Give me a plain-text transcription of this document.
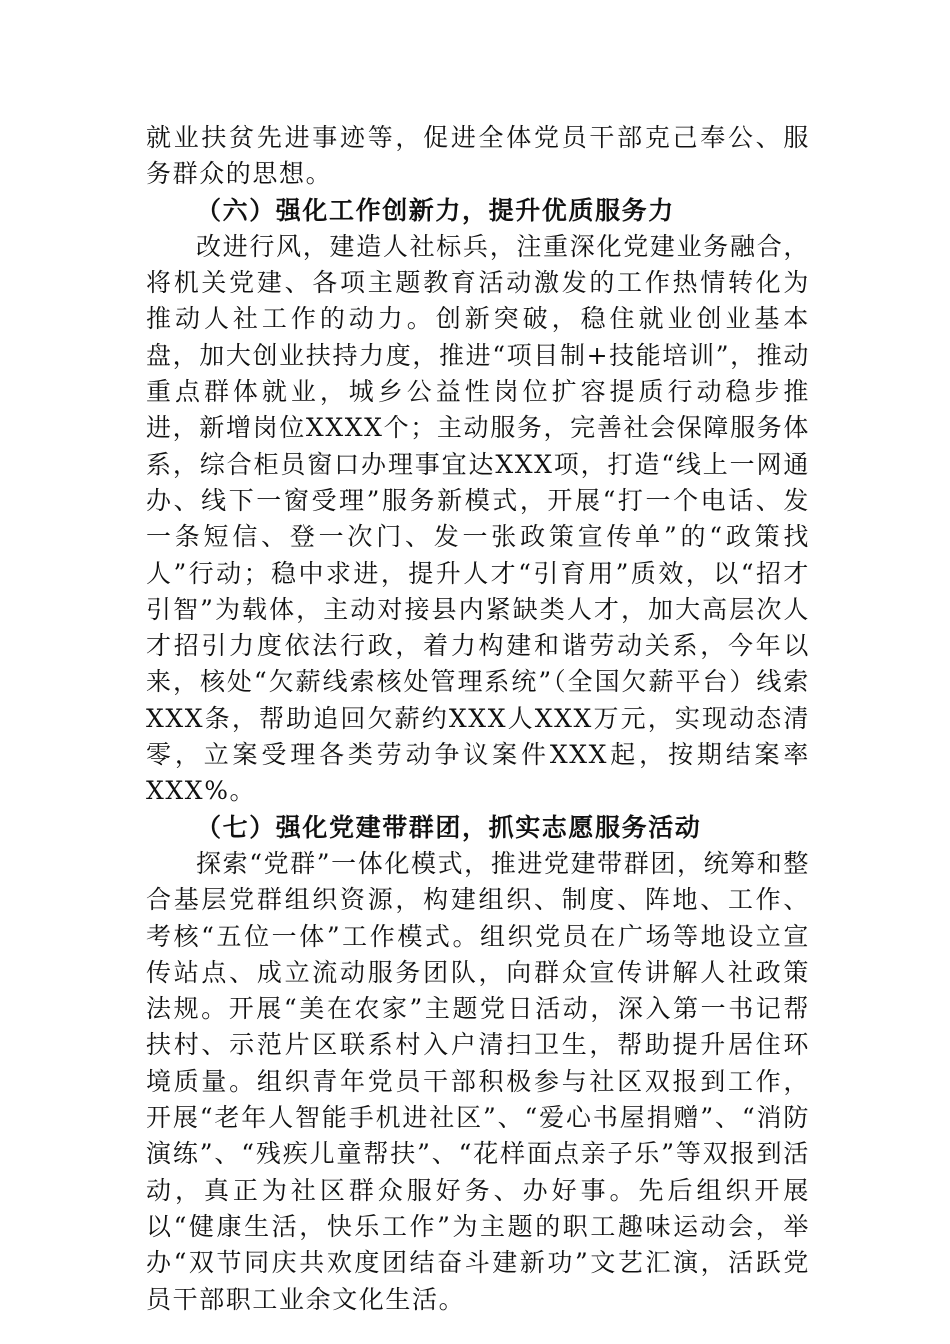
就业扶贫先进事迹等，促进全体党员干部克己奉公、服务群众的思想。

（六）强化工作创新力，提升优质服务力

改进行风，建造人社标兵，注重深化党建业务融合，将机关党建、各项主题教育活动激发的工作热情转化为推动人社工作的动力。创新突破，稳住就业创业基本盘，加大创业扶持力度，推进“项目制+技能培训”，推动重点群体就业，城乡公益性岗位扩容提质行动稳步推进，新增岗位XXXX个；主动服务，完善社会保障服务体系，综合柜员窗口办理事宜达XXX项，打造“线上一网通办、线下一窗受理”服务新模式，开展“打一个电话、发一条短信、登一次门、发一张政策宣传单”的“政策找人”行动；稳中求进，提升人才“引育用”质效，以“招才引智”为载体，主动对接县内紧缺类人才，加大高层次人才招引力度依法行政，着力构建和谐劳动关系，今年以来，核处“欠薪线索核处管理系统”（全国欠薪平台）线索XXX条，帮助追回欠薪约XXX人XXX万元，实现动态清零，立案受理各类劳动争议案件XXX起，按期结案率XXX%。

（七）强化党建带群团，抓实志愿服务活动

探索“党群”一体化模式，推进党建带群团，统筹和整合基层党群组织资源，构建组织、制度、阵地、工作、考核“五位一体”工作模式。组织党员在广场等地设立宣传站点、成立流动服务团队，向群众宣传讲解人社政策法规。开展“美在农家”主题党日活动，深入第一书记帮扶村、示范片区联系村入户清扫卫生，帮助提升居住环境质量。组织青年党员干部积极参与社区双报到工作，开展“老年人智能手机进社区”、“爱心书屋捐赠”、“消防演练”、“残疾儿童帮扶”、“花样面点亲子乐”等双报到活动，真正为社区群众服好务、办好事。先后组织开展以“健康生活，快乐工作”为主题的职工趣味运动会，举办“双节同庆共欢度团结奋斗建新功”文艺汇演，活跃党员干部职工业余文化生活。
